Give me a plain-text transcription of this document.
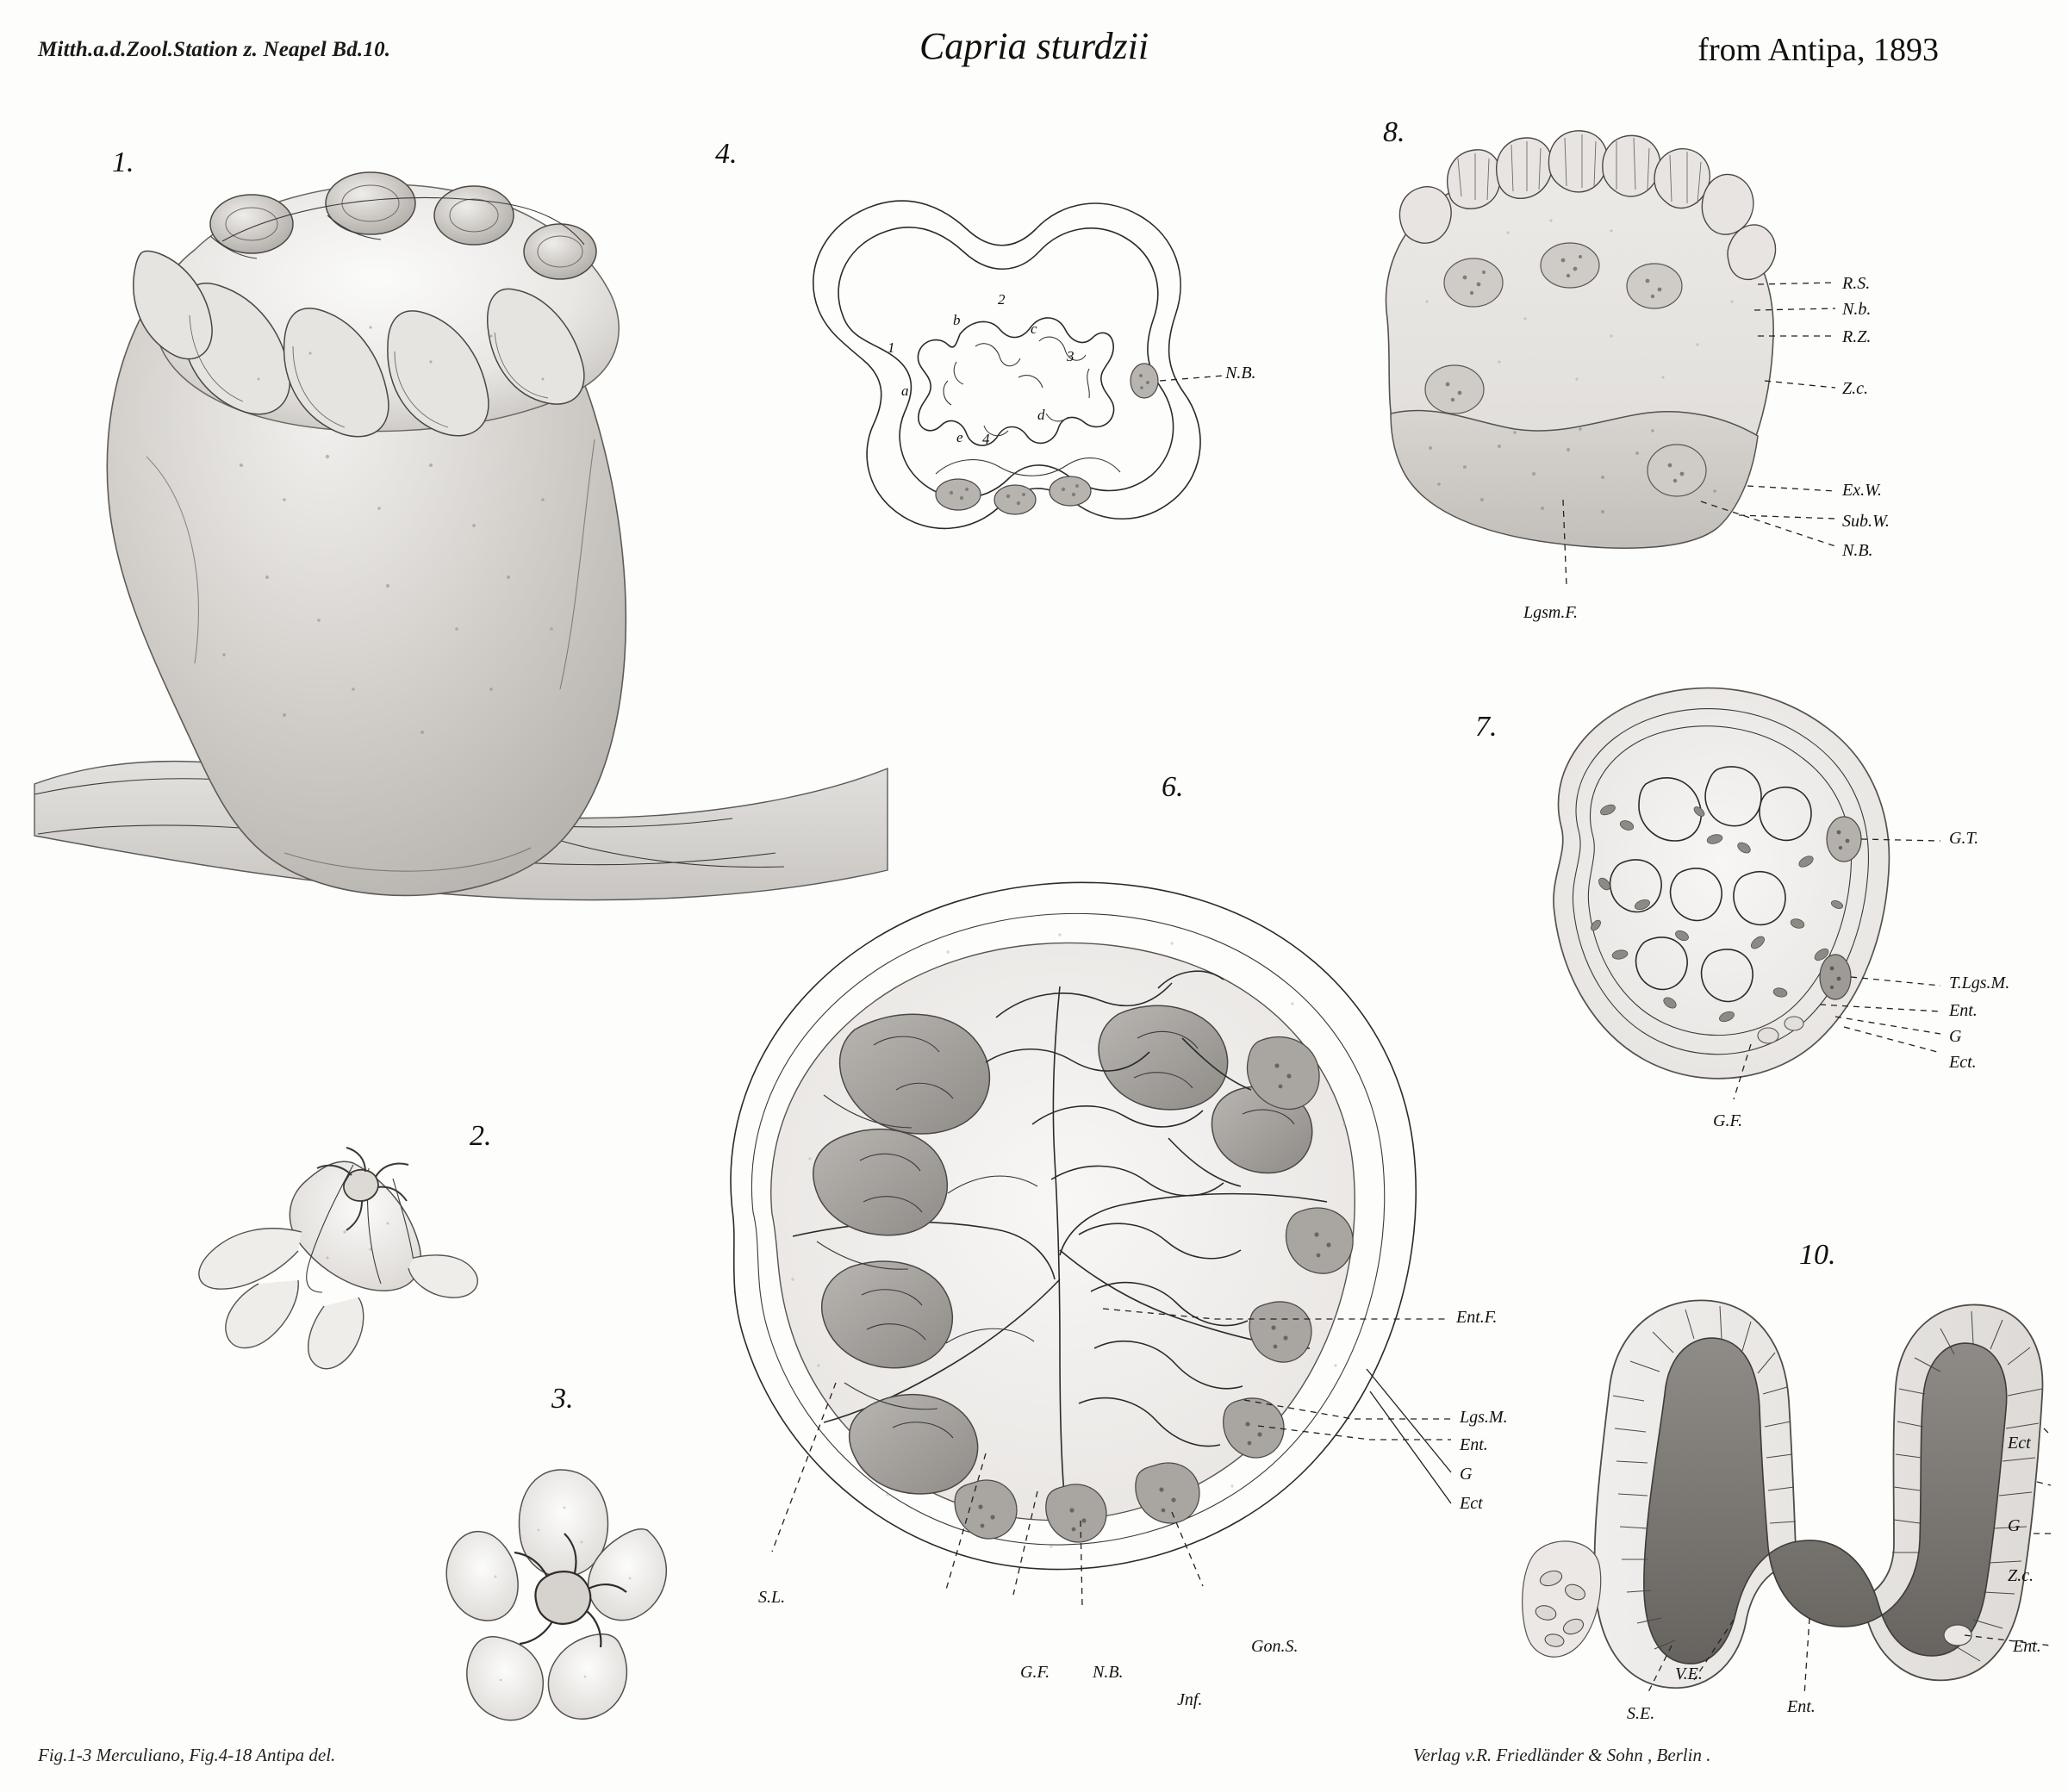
Mitth.a.d.Zool.Station z. Neapel Bd.10.	Capria sturdzii	from Antipa, 1893
1.
2.
3.
4.
N.B.
1
2
3
4
a
b
c
d
e
8.
R.S.
N.b.
R.Z.
Z.c.
Ex.W.
Sub.W.
N.B.
Lgsm.F.
7.
G.T.
T.Lgs.M.
Ent.
G
Ect.
G.F.
6.
Ent.F.
Lgs.M.
Ent.
G
Ect
S.L.
G.F. N.B.
Jnf.
Gon.S.
10.
Ect
G
Z.c.
Ent.
V.E.
S.E.	Ent.
Fig.1-3 Merculiano, Fig.4-18 Antipa del.	Verlag v.R. Friedländer & Sohn , Berlin .
